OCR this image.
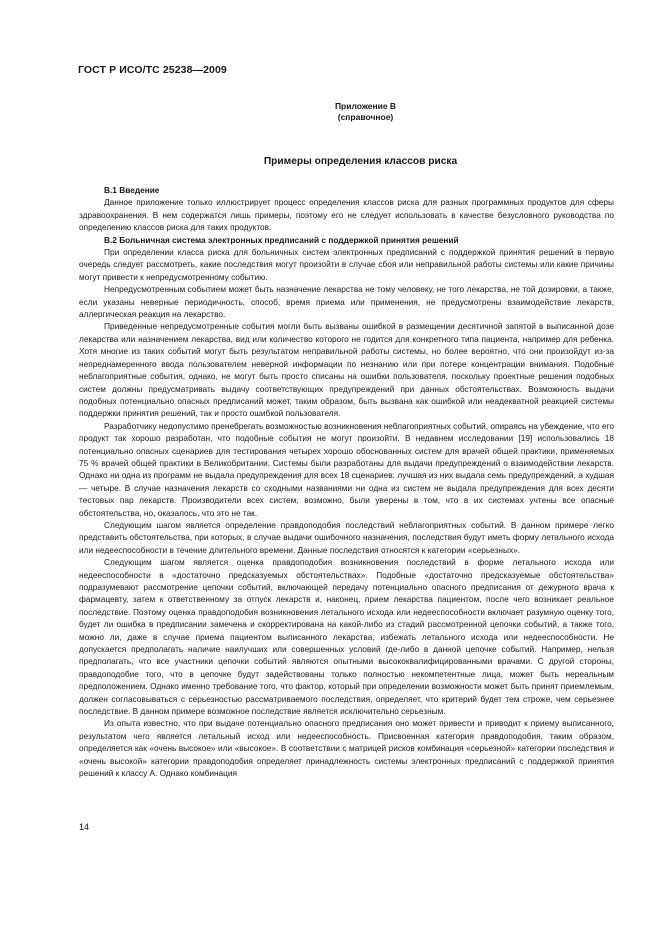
ГОСТ Р ИСО/ТС 25238—2009
Приложение В
(справочное)
Примеры определения классов риска

В.1 Введение

Данное приложение только иллюстрирует процесс определения классов риска для разных программных продуктов для сферы здравоохранения. В нем содержатся лишь примеры, поэтому его не следует использовать в качестве безусловного руководства по определению классов риска для таких продуктов.

В.2 Больничная система электронных предписаний с поддержкой принятия решений

При определении класса риска для больничных систем электронных предписаний с поддержкой принятия решений в первую очередь следует рассмотреть, какие последствия могут произойти в случае сбоя или неправильной работы системы или какие причины могут привести к непредусмотренному событию.

Непредусмотренным событием может быть назначение лекарства не тому человеку, не того лекарства, не той дозировки, а также, если указаны неверные периодичность, способ, время приема или применения, не предусмотрены взаимодействие лекарств, аллергическая реакция на лекарство.

Приведенные непредусмотренные события могли быть вызваны ошибкой в размещении десятичной запятой в выписанной дозе лекарства или назначением лекарства, вид или количество которого не годится для конкретного типа пациента, например для ребенка. Хотя многие из таких событий могут быть результатом неправильной работы системы, но более вероятно, что они произойдут из-за непреднамеренного ввода пользователем неверной информации по незнанию или при потере концентрации внимания. Подобные неблагоприятные события, однако, не могут быть просто списаны на ошибки пользователя, поскольку проектные решения подобных систем должны предусматривать выдачу соответствующих предупреждений при данных обстоятельствах. Возможность выдачи подобных потенциально опасных предписаний может, таким образом, быть вызвана как ошибкой или неадекватной реакцией системы поддержки принятия решений, так и просто ошибкой пользователя.

Разработчику недопустимо пренебрегать возможностью возникновения неблагоприятных событий, опираясь на убеждение, что его продукт так хорошо разработан, что подобные события не могут произойти. В недавнем исследовании [19] использовались 18 потенциально опасных сценариев для тестирования четырех хорошо обоснованных систем для врачей общей практики, применяемых 75 % врачей общей практики в Великобритании. Системы были разработаны для выдачи предупреждений о взаимодействии лекарств. Однако ни одна из программ не выдала предупреждения для всех 18 сценариев: лучшая из них выдала семь предупреждений, а худшая — четыре. В случае назначения лекарств со сходными названиями ни одна из систем не выдала предупреждения для всех десяти тестовых пар лекарств. Производители всех систем, возможно, были уверены в том, что в их системах учтены все опасные обстоятельства, но, оказалось, что это не так.

Следующим шагом является определение правдоподобия последствий неблагоприятных событий. В данном примере легко представить обстоятельства, при которых, в случае выдачи ошибочного назначения, последствия будут иметь форму летального исхода или недееспособности в течение длительного времени. Данные последствия относятся к категории «серьезных».

Следующим шагом является оценка правдоподобия возникновения последствий в форме летального исхода или недееспособности в «достаточно предсказуемых обстоятельствах». Подобные «достаточно предсказуемые обстоятельства» подразумевают рассмотрение цепочки событий, включающей передачу потенциально опасного предписания от дежурного врача к фармацевту, затем к ответственному за отпуск лекарств и, наконец, прием лекарства пациентом, после чего возникает реальное последствие. Поэтому оценка правдоподобия возникновения летального исхода или недееспособности включает разумную оценку того, будет ли ошибка в предписании замечена и скорректирована на какой-либо из стадий рассмотренной цепочки событий, а также того, можно ли, даже в случае приема пациентом выписанного лекарства, избежать летального исхода или недееспособности. Не допускается предполагать наличие наилучших или совершенных условий где-либо в данной цепочке событий. Например, нельзя предполагать, что все участники цепочки событий являются опытными высококвалифицированными врачами. С другой стороны, правдоподобие того, что в цепочке будут задействованы только полностью некомпетентные лица, может быть нереальным предположением. Однако именно требование того, что фактор, который при определении возможности может быть принят приемлемым, должен согласовываться с серьезностью рассматриваемого последствия, определяет, что критерий будет тем строже, чем серьезнее последствие. В данном примере возможное последствие является исключительно серьезным.

Из опыта известно, что при выдаче потенциально опасного предписания оно может привести и приводит к приему выписанного, результатом чего является летальный исход или недееспособность. Присвоенная категория правдоподобия, таким образом, определяется как «очень высокое» или «высокое». В соответствии с матрицей рисков комбинация «серьезной» категории последствия и «очень высокой» категории правдоподобия определяет принадлежность системы электронных предписаний с поддержкой принятия решений к классу А. Однако комбинация

14
